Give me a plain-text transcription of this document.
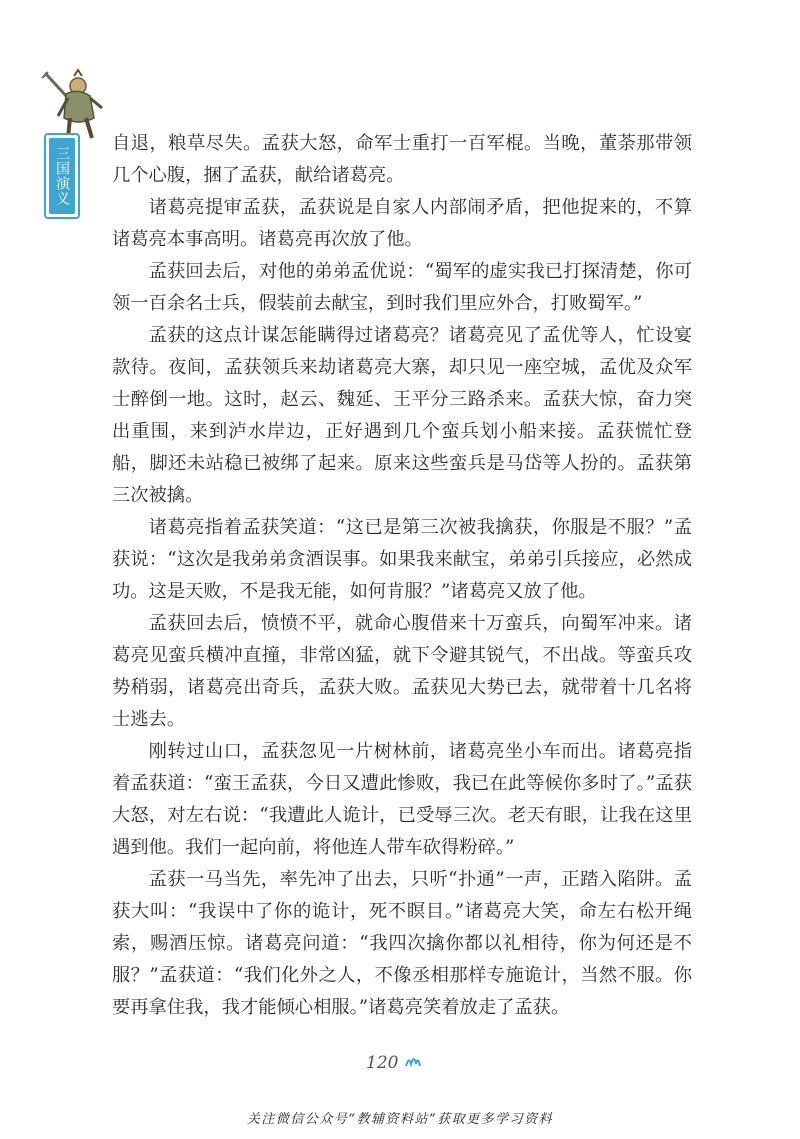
三国演义

自退，粮草尽失。孟获大怒，命军士重打一百军棍。当晚，董荼那带领几个心腹，捆了孟获，献给诸葛亮。

诸葛亮提审孟获，孟获说是自家人内部闹矛盾，把他捉来的，不算诸葛亮本事高明。诸葛亮再次放了他。

孟获回去后，对他的弟弟孟优说：“蜀军的虚实我已打探清楚，你可领一百余名士兵，假装前去献宝，到时我们里应外合，打败蜀军。”

孟获的这点计谋怎能瞒得过诸葛亮？诸葛亮见了孟优等人，忙设宴款待。夜间，孟获领兵来劫诸葛亮大寨，却只见一座空城，孟优及众军士醉倒一地。这时，赵云、魏延、王平分三路杀来。孟获大惊，奋力突出重围，来到泸水岸边，正好遇到几个蛮兵划小船来接。孟获慌忙登船，脚还未站稳已被绑了起来。原来这些蛮兵是马岱等人扮的。孟获第三次被擒。

诸葛亮指着孟获笑道：“这已是第三次被我擒获，你服是不服？”孟获说：“这次是我弟弟贪酒误事。如果我来献宝，弟弟引兵接应，必然成功。这是天败，不是我无能，如何肯服？”诸葛亮又放了他。

孟获回去后，愤愤不平，就命心腹借来十万蛮兵，向蜀军冲来。诸葛亮见蛮兵横冲直撞，非常凶猛，就下令避其锐气，不出战。等蛮兵攻势稍弱，诸葛亮出奇兵，孟获大败。孟获见大势已去，就带着十几名将士逃去。

刚转过山口，孟获忽见一片树林前，诸葛亮坐小车而出。诸葛亮指着孟获道：“蛮王孟获，今日又遭此惨败，我已在此等候你多时了。”孟获大怒，对左右说：“我遭此人诡计，已受辱三次。老天有眼，让我在这里遇到他。我们一起向前，将他连人带车砍得粉碎。”

孟获一马当先，率先冲了出去，只听“扑通”一声，正踏入陷阱。孟获大叫：“我误中了你的诡计，死不瞑目。”诸葛亮大笑，命左右松开绳索，赐酒压惊。诸葛亮问道：“我四次擒你都以礼相待，你为何还是不服？”孟获道：“我们化外之人，不像丞相那样专施诡计，当然不服。你要再拿住我，我才能倾心相服。”诸葛亮笑着放走了孟获。

120
关注微信公众号“教辅资料站”获取更多学习资料
